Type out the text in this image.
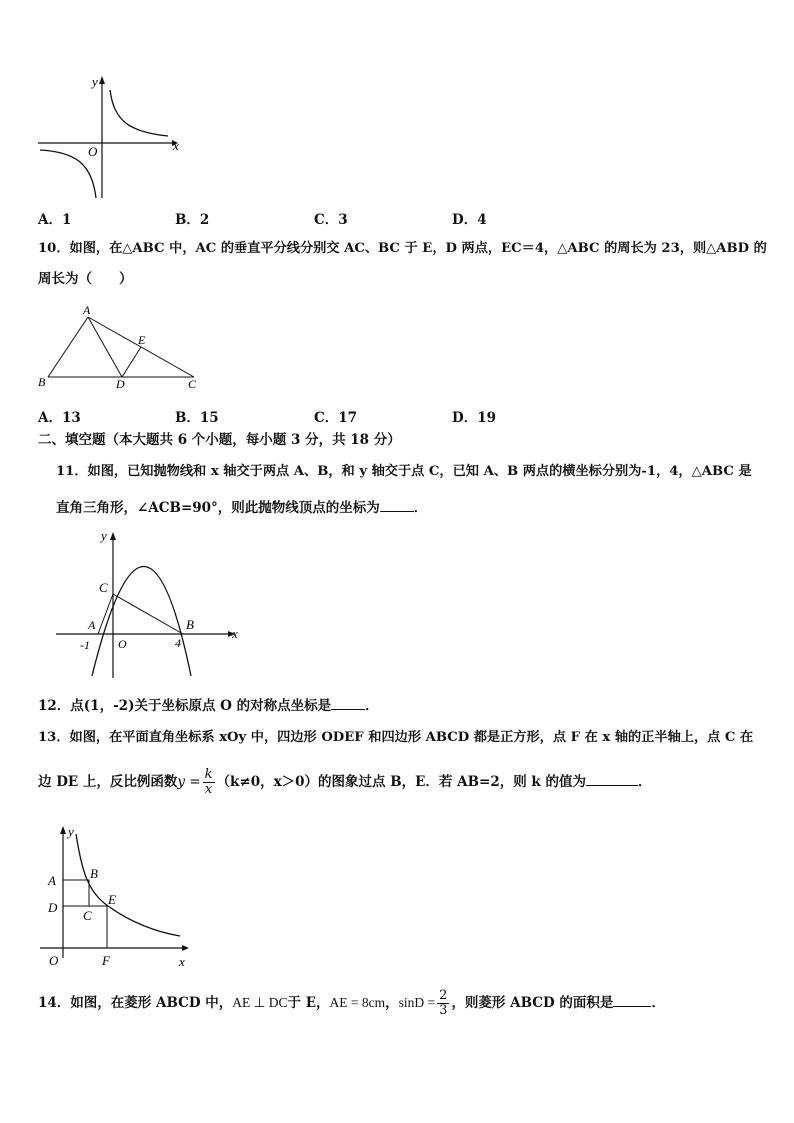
y
x
O
A．1	B．2	C．3	D．4
10．如图，在△ABC 中，AC 的垂直平分线分别交 AC、BC 于 E，D 两点，EC＝4，△ABC 的周长为 23，则△ABD 的
周长为（　　）
A
B	C
D
E
A．13	B．15	C．17	D．19
二、填空题（本大题共 6 个小题，每小题 3 分，共 18 分）
11．如图，已知抛物线和 x 轴交于两点 A、B，和 y 轴交于点 C，已知 A、B 两点的横坐标分别为-1，4，△ABC 是
直角三角形，∠ACB=90°，则此抛物线顶点的坐标为	．
y
x
O
C
A	B
-1	4
12．点(1，-2)关于坐标原点 O 的对称点坐标是	．
13．如图，在平面直角坐标系 xOy 中，四边形 ODEF 和四边形 ABCD 都是正方形，点 F 在 x 轴的正半轴上，点 C 在
边 DE 上，反比例函数$y = \frac{k}{x} (k\ne 0$，x＞0）的图象过点 B，E．若 AB=2，则 k 的值为	．
y
x
O
A
D
B
C
E
F
14．如图，在菱形 ABCD 中，AE ⊥ DC于 E，AE = 8cm，$\sin D = \frac{2}{3}$ ，则菱形 ABCD 的面积是	．
